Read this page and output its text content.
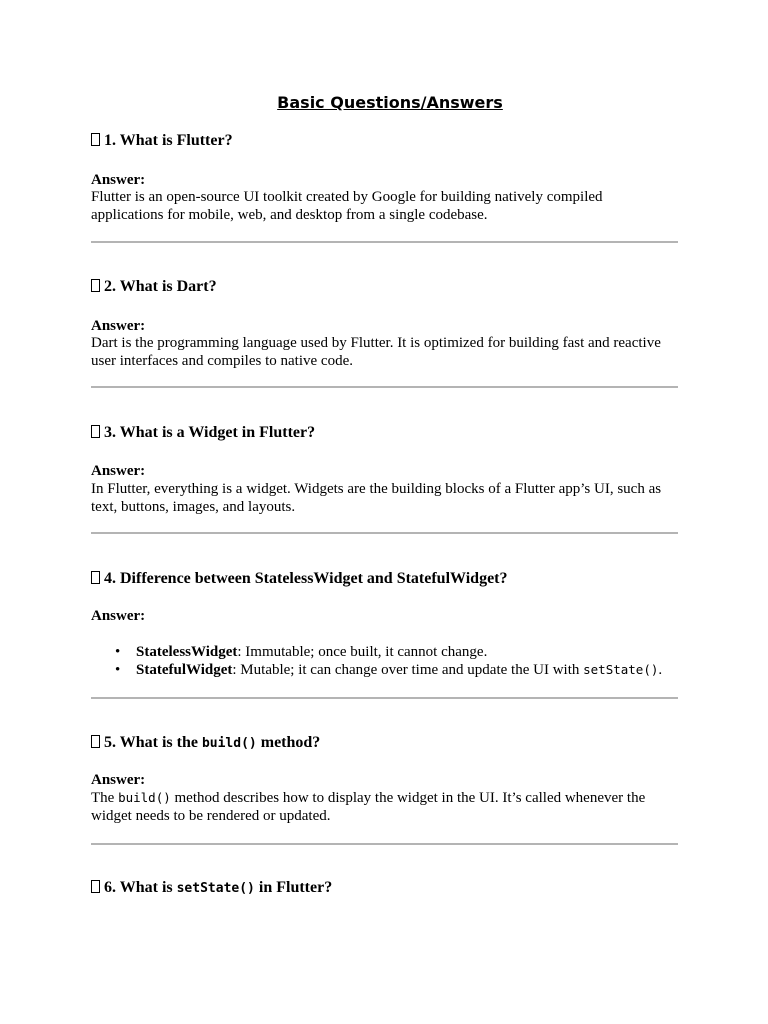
Basic Questions/Answers
1. What is Flutter?
Answer:
Flutter is an open-source UI toolkit created by Google for building natively compiled applications for mobile, web, and desktop from a single codebase.
2. What is Dart?
Answer:
Dart is the programming language used by Flutter. It is optimized for building fast and reactive user interfaces and compiles to native code.
3. What is a Widget in Flutter?
Answer:
In Flutter, everything is a widget. Widgets are the building blocks of a Flutter app’s UI, such as text, buttons, images, and layouts.
4. Difference between StatelessWidget and StatefulWidget?
Answer:
• StatelessWidget: Immutable; once built, it cannot change.
• StatefulWidget: Mutable; it can change over time and update the UI with setState().
5. What is the build() method?
Answer:
The build() method describes how to display the widget in the UI. It’s called whenever the widget needs to be rendered or updated.
6. What is setState() in Flutter?
